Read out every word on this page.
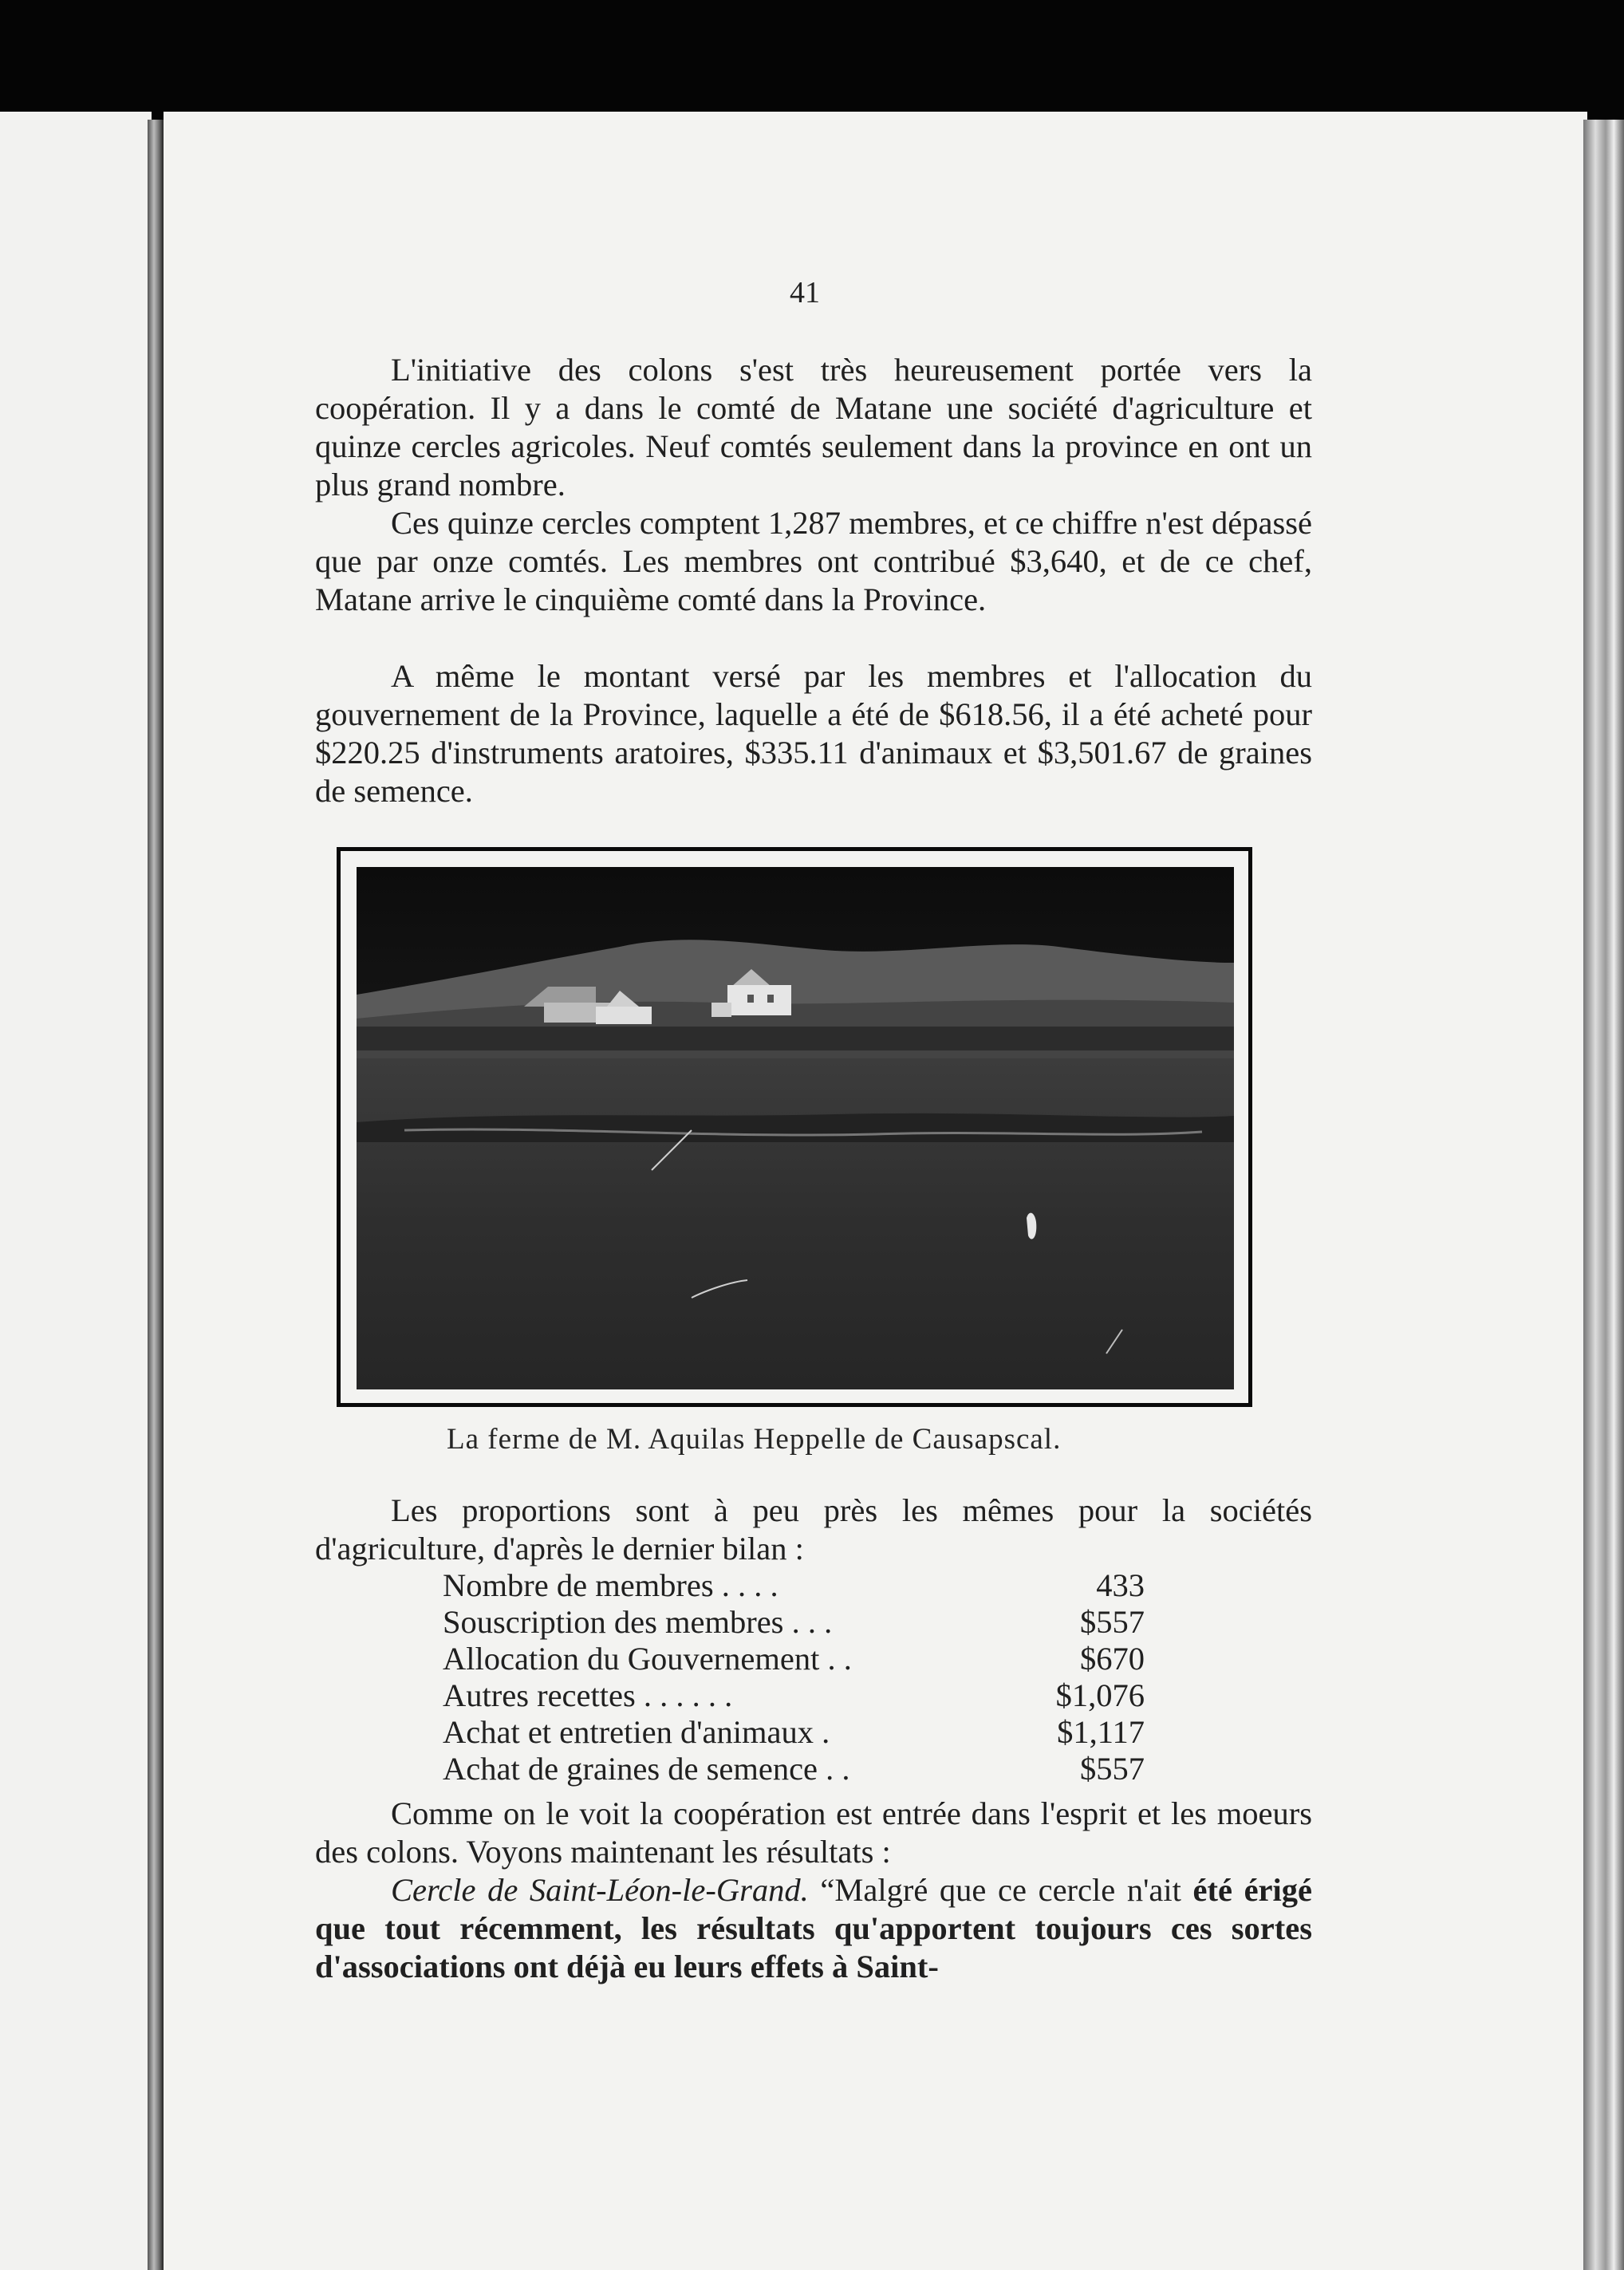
41

L'initiative des colons s'est très heureusement portée vers la coopération. Il y a dans le comté de Matane une société d'agriculture et quinze cercles agricoles. Neuf comtés seulement dans la province en ont un plus grand nombre.

Ces quinze cercles comptent 1,287 membres, et ce chiffre n'est dépassé que par onze comtés. Les membres ont contribué $3,640, et de ce chef, Matane arrive le cinquième comté dans la Province.

A même le montant versé par les membres et l'allocation du gouvernement de la Province, laquelle a été de $618.56, il a été acheté pour $220.25 d'instruments aratoires, $335.11 d'animaux et $3,501.67 de graines de semence.

La ferme de M. Aquilas Heppelle de Causapscal.

Les proportions sont à peu près les mêmes pour la sociétés d'agriculture, d'après le dernier bilan :

Nombre de membres . . . .	433
Souscription des membres . . .	$557
Allocation du Gouvernement . .	$670
Autres recettes . . . . . .	$1,076
Achat et entretien d'animaux .	$1,117
Achat de graines de semence . .	$557

Comme on le voit la coopération est entrée dans l'esprit et les moeurs des colons. Voyons maintenant les résultats :

Cercle de Saint-Léon-le-Grand. “Malgré que ce cercle n'ait été érigé que tout récemment, les résultats qu'apportent toujours ces sortes d'associations ont déjà eu leurs effets à Saint-
